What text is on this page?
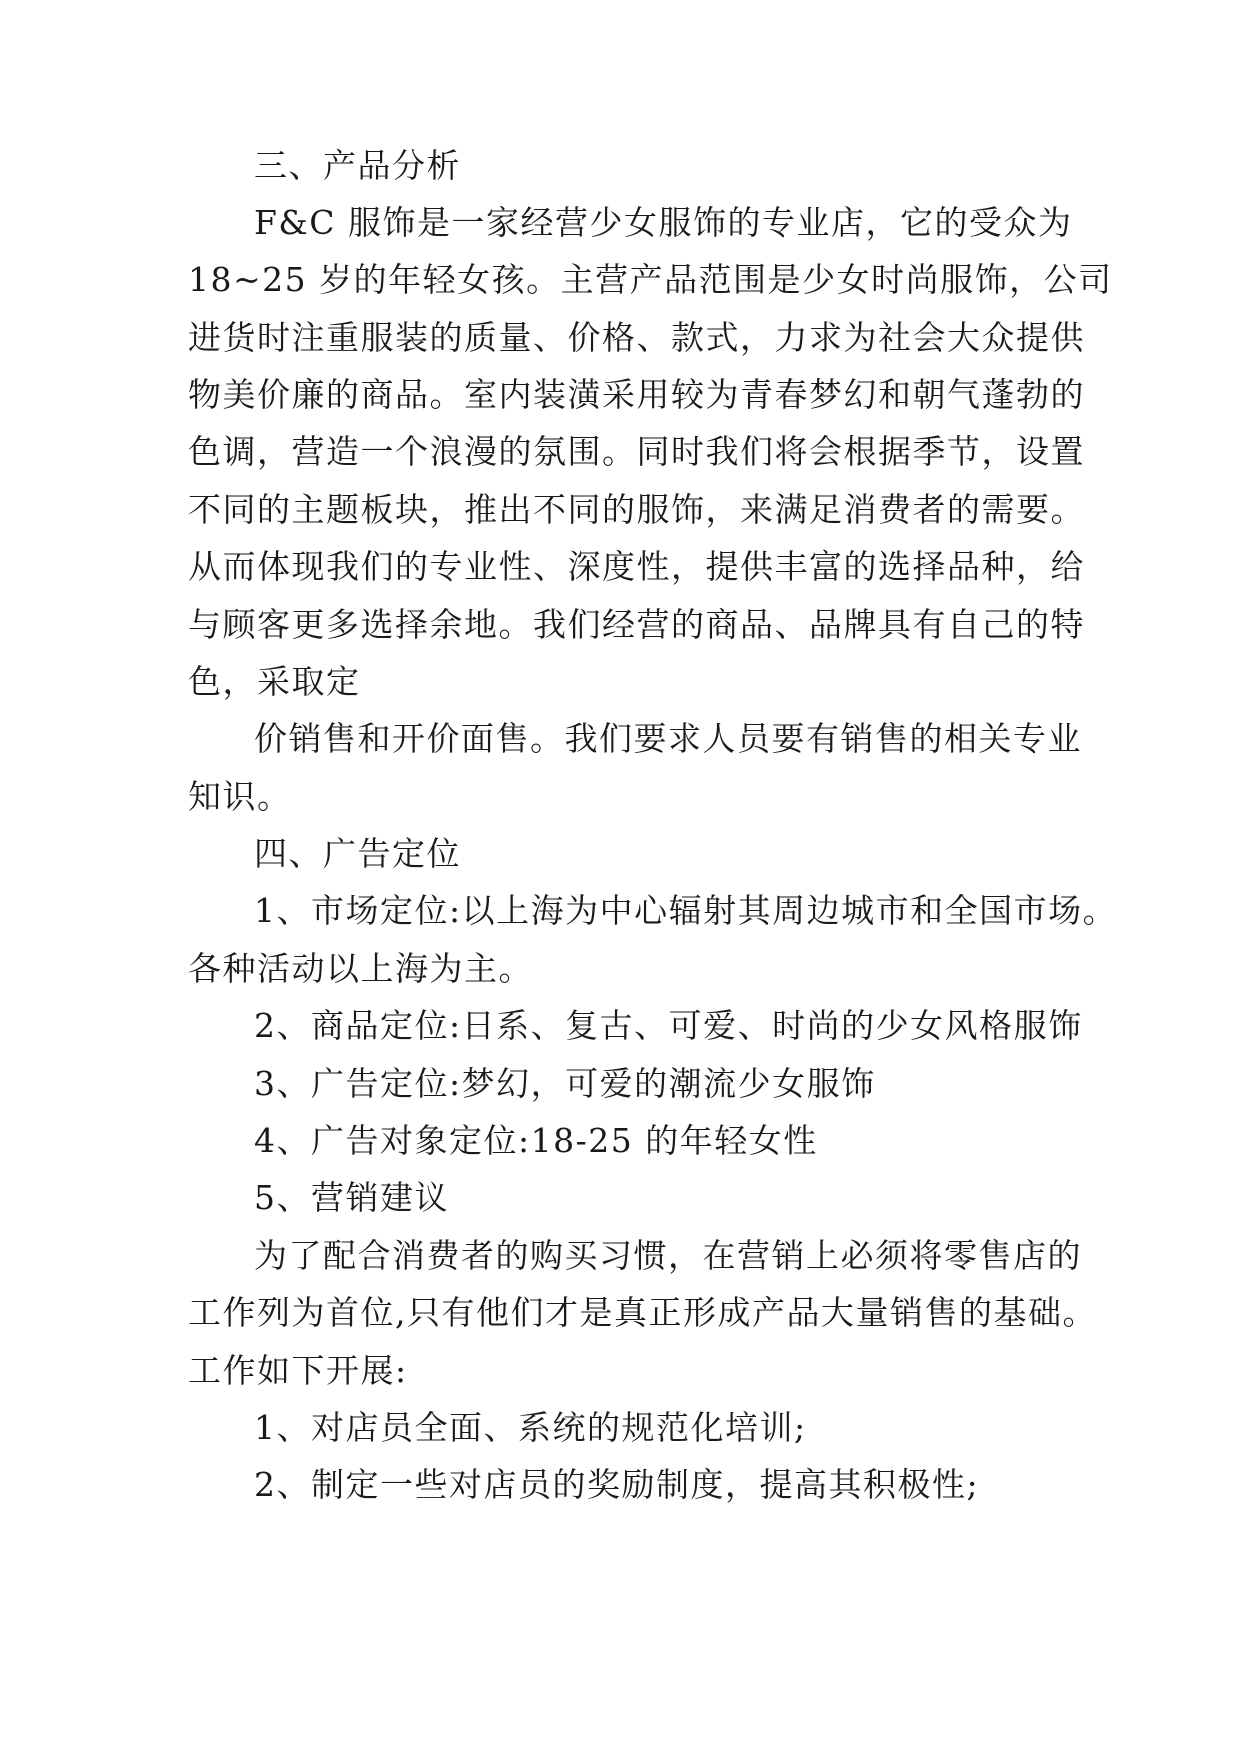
三、产品分析
F&C 服饰是一家经营少女服饰的专业店，它的受众为
18~25 岁的年轻女孩。主营产品范围是少女时尚服饰，公司
进货时注重服装的质量、价格、款式，力求为社会大众提供
物美价廉的商品。室内装潢采用较为青春梦幻和朝气蓬勃的
色调，营造一个浪漫的氛围。同时我们将会根据季节，设置
不同的主题板块，推出不同的服饰，来满足消费者的需要。
从而体现我们的专业性、深度性，提供丰富的选择品种，给
与顾客更多选择余地。我们经营的商品、品牌具有自己的特
色，采取定
价销售和开价面售。我们要求人员要有销售的相关专业
知识。
四、广告定位
1、市场定位:以上海为中心辐射其周边城市和全国市场。
各种活动以上海为主。
2、商品定位:日系、复古、可爱、时尚的少女风格服饰
3、广告定位:梦幻，可爱的潮流少女服饰
4、广告对象定位:18-25 的年轻女性
5、营销建议
为了配合消费者的购买习惯，在营销上必须将零售店的
工作列为首位,只有他们才是真正形成产品大量销售的基础。
工作如下开展:
1、对店员全面、系统的规范化培训;
2、制定一些对店员的奖励制度，提高其积极性;
